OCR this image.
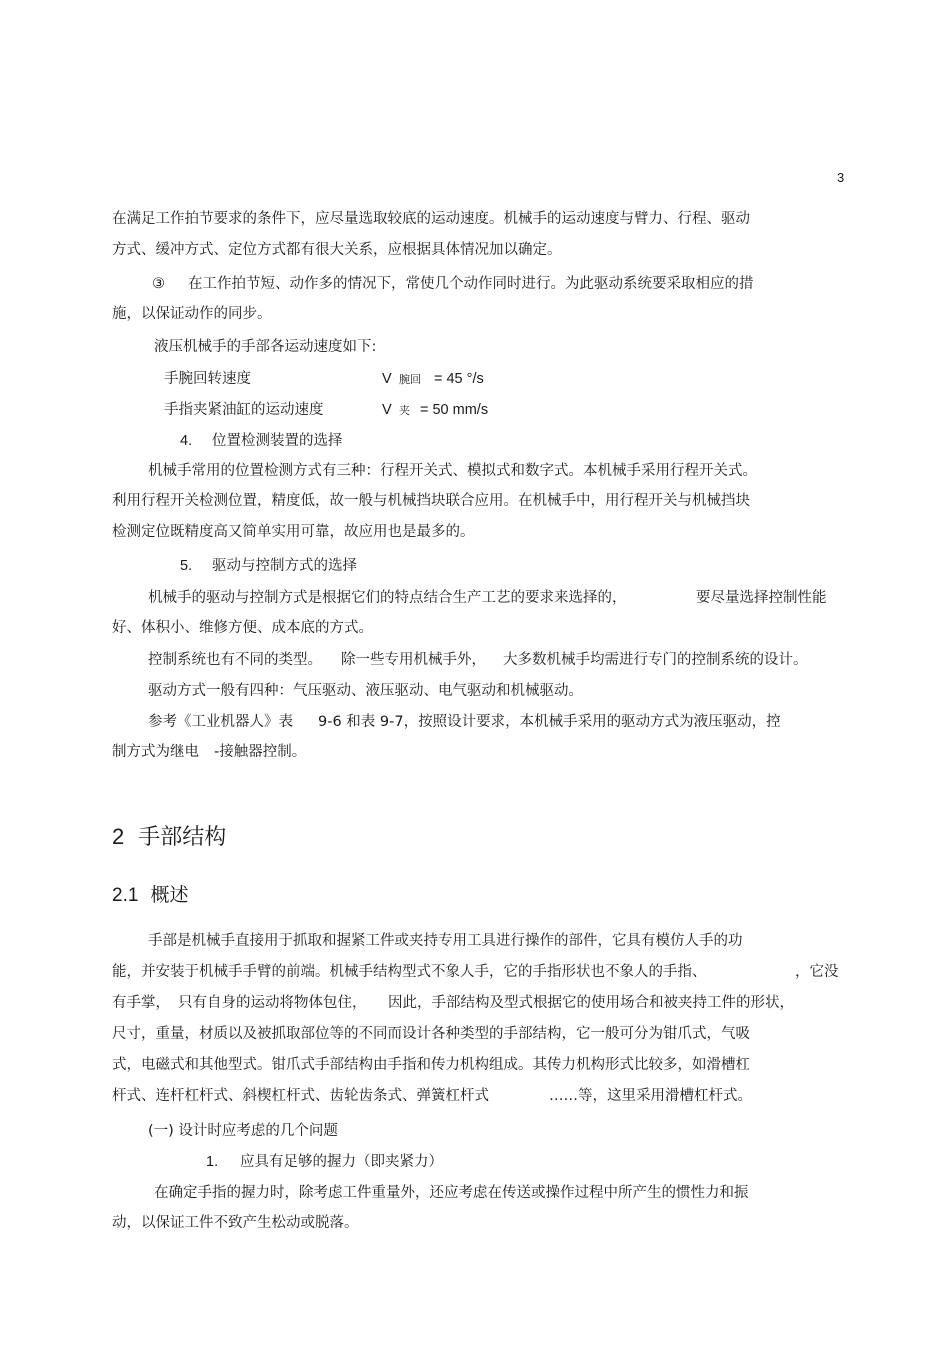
3
在满足工作拍节要求的条件下，应尽量选取较底的运动速度。机械手的运动速度与臂力、行程、驱动
方式、缓冲方式、定位方式都有很大关系，应根据具体情况加以确定。
③ 在工作拍节短、动作多的情况下，常使几个动作同时进行。为此驱动系统要采取相应的措
施，以保证动作的同步。
液压机械手的手部各运动速度如下:
手腕回转速度	V 腕回 = 45 °/s
手指夹紧油缸的运动速度	V 夹 = 50 mm/s
4. 位置检测装置的选择
机械手常用的位置检测方式有三种：行程开关式、模拟式和数字式。本机械手采用行程开关式。
利用行程开关检测位置，精度低，故一般与机械挡块联合应用。在机械手中，用行程开关与机械挡块
检测定位既精度高又简单实用可靠，故应用也是最多的。
5. 驱动与控制方式的选择
机械手的驱动与控制方式是根据它们的特点结合生产工艺的要求来选择的，	要尽量选择控制性能
好、体积小、维修方便、成本底的方式。
控制系统也有不同的类型。 除一些专用机械手外， 大多数机械手均需进行专门的控制系统的设计。
驱动方式一般有四种：气压驱动、液压驱动、电气驱动和机械驱动。
参考《工业机器人》表 9-6 和表 9-7，按照设计要求，本机械手采用的驱动方式为液压驱动，控
制方式为继电 -接触器控制。
2 手部结构
2.1 概述
手部是机械手直接用于抓取和握紧工件或夹持专用工具进行操作的部件，它具有模仿人手的功
能，并安装于机械手手臂的前端。机械手结构型式不象人手，它的手指形状也不象人的手指、	，它没
有手掌， 只有自身的运动将物体包住， 因此，手部结构及型式根据它的使用场合和被夹持工件的形状，
尺寸，重量，材质以及被抓取部位等的不同而设计各种类型的手部结构，它一般可分为钳爪式，气吸
式，电磁式和其他型式。钳爪式手部结构由手指和传力机构组成。其传力机构形式比较多，如滑槽杠
杆式、连杆杠杆式、斜楔杠杆式、齿轮齿条式、弹簧杠杆式	……等，这里采用滑槽杠杆式。
(一) 设计时应考虑的几个问题
1. 应具有足够的握力（即夹紧力）
在确定手指的握力时，除考虑工件重量外，还应考虑在传送或操作过程中所产生的惯性力和振
动，以保证工件不致产生松动或脱落。
